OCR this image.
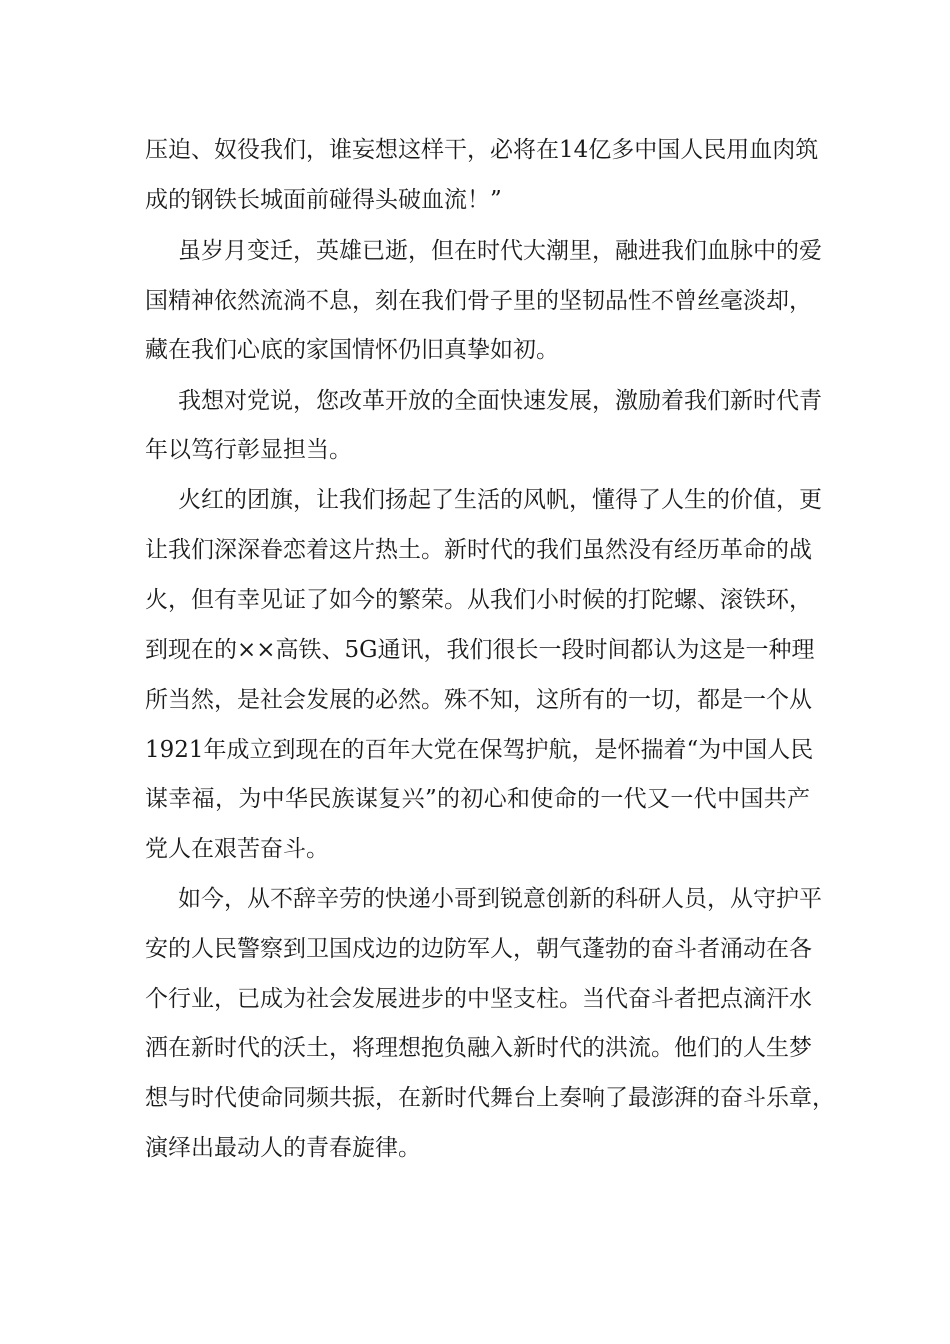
压迫、奴役我们，谁妄想这样干，必将在14亿多中国人民用血肉筑
成的钢铁长城面前碰得头破血流！”
虽岁月变迁，英雄已逝，但在时代大潮里，融进我们血脉中的爱
国精神依然流淌不息，刻在我们骨子里的坚韧品性不曾丝毫淡却，
藏在我们心底的家国情怀仍旧真挚如初。
我想对党说，您改革开放的全面快速发展，激励着我们新时代青
年以笃行彰显担当。
火红的团旗，让我们扬起了生活的风帆，懂得了人生的价值，更
让我们深深眷恋着这片热土。新时代的我们虽然没有经历革命的战
火，但有幸见证了如今的繁荣。从我们小时候的打陀螺、滚铁环，
到现在的××高铁、5G通讯，我们很长一段时间都认为这是一种理
所当然，是社会发展的必然。殊不知，这所有的一切，都是一个从
1921年成立到现在的百年大党在保驾护航，是怀揣着“为中国人民
谋幸福，为中华民族谋复兴”的初心和使命的一代又一代中国共产
党人在艰苦奋斗。
如今，从不辞辛劳的快递小哥到锐意创新的科研人员，从守护平
安的人民警察到卫国戍边的边防军人，朝气蓬勃的奋斗者涌动在各
个行业，已成为社会发展进步的中坚支柱。当代奋斗者把点滴汗水
洒在新时代的沃土，将理想抱负融入新时代的洪流。他们的人生梦
想与时代使命同频共振，在新时代舞台上奏响了最澎湃的奋斗乐章，
演绎出最动人的青春旋律。
